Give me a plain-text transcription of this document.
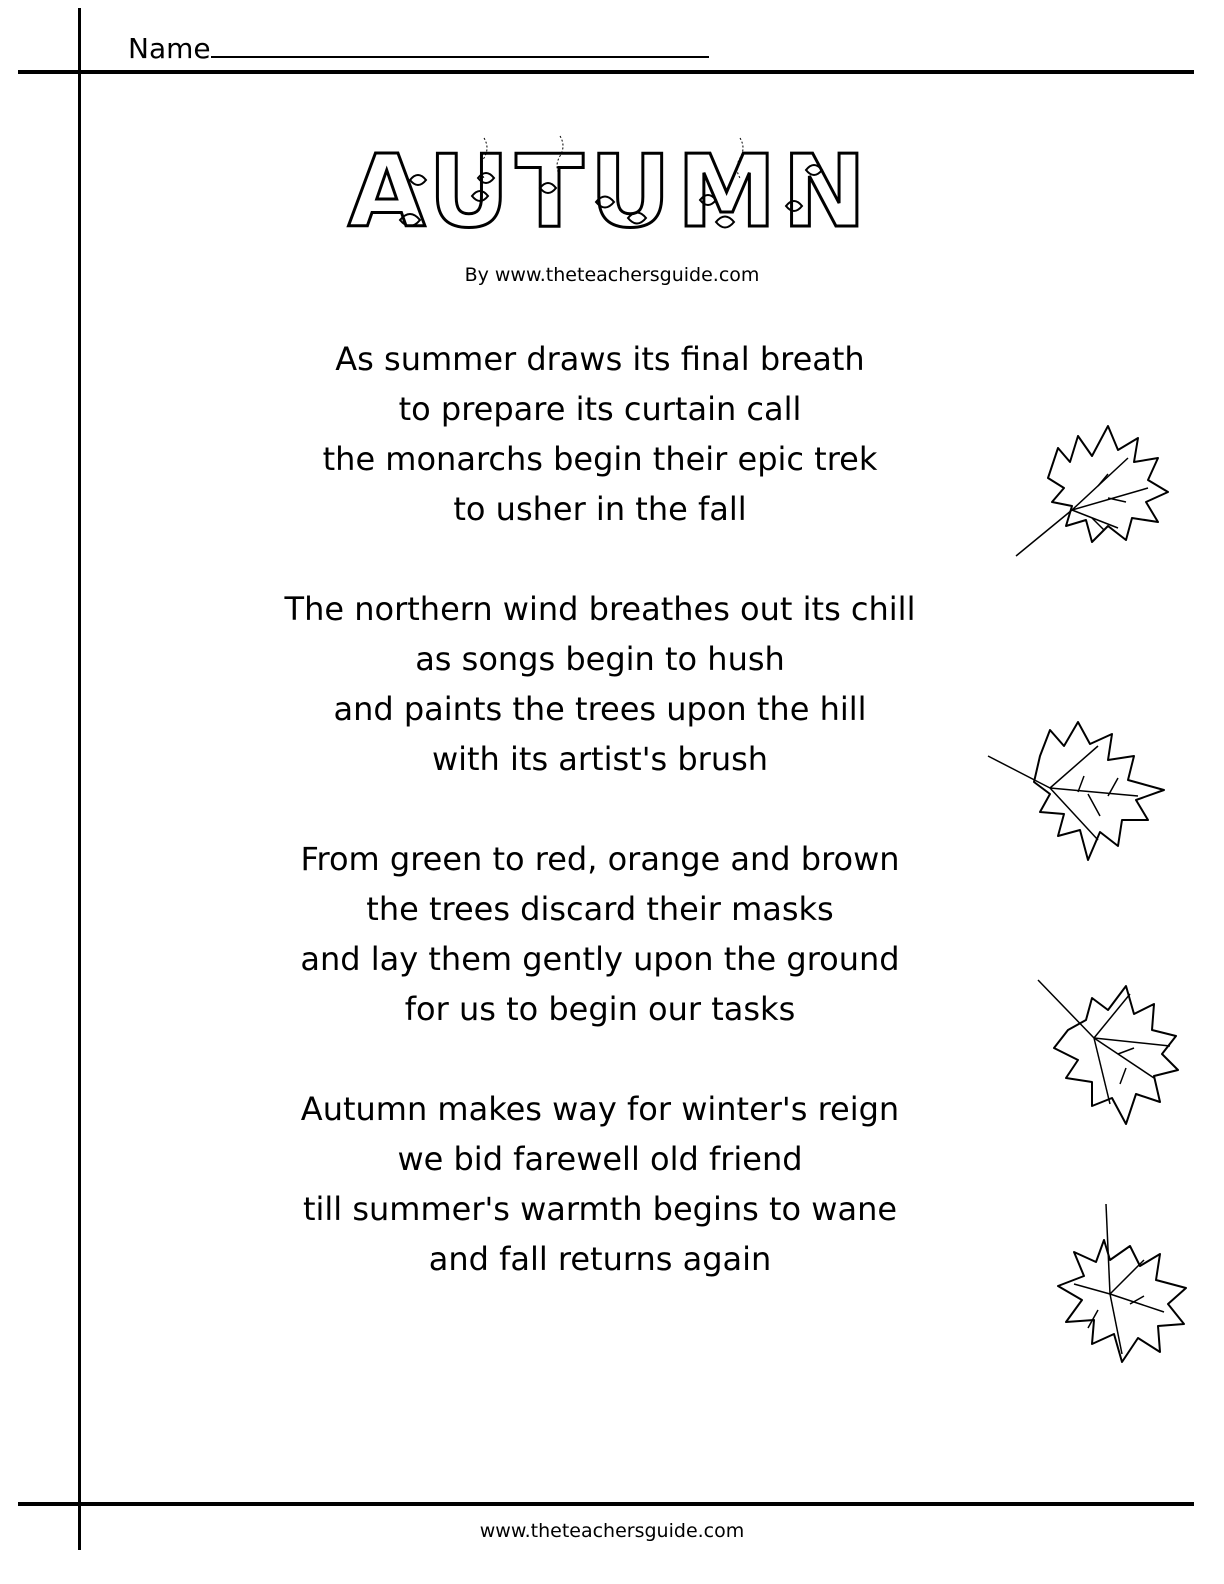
Name
AUTUMN
By www.theteachersguide.com
As summer draws its final breath
to prepare its curtain call
the monarchs begin their epic trek
to usher in the fall
The northern wind breathes out its chill
as songs begin to hush
and paints the trees upon the hill
with its artist's brush
From green to red, orange and brown
the trees discard their masks
and lay them gently upon the ground
for us to begin our tasks
Autumn makes way for winter's reign
we bid farewell old friend
till summer's warmth begins to wane
and fall returns again
www.theteachersguide.com
